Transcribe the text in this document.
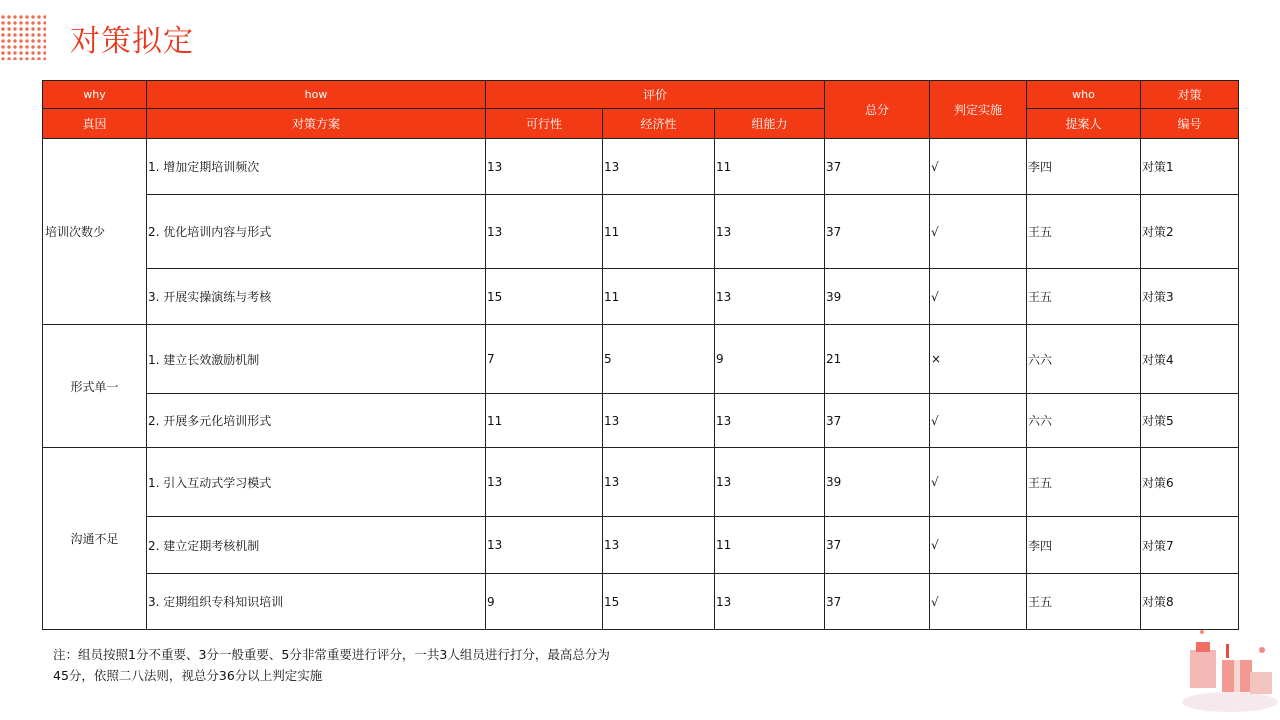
对策拟定
why	how	评价			总分	判定实施	who	对策
真因	对策方案	可行性	经济性	组能力			提案人	编号
培训次数少	1. 增加定期培训频次	13	13	11	37	√	李四	对策1
	2. 优化培训内容与形式	13	11	13	37	√	王五	对策2
	3. 开展实操演练与考核	15	11	13	39	√	王五	对策3
形式单一	1. 建立长效激励机制	7	5	9	21	×	六六	对策4
	2. 开展多元化培训形式	11	13	13	37	√	六六	对策5
沟通不足	1. 引入互动式学习模式	13	13	13	39	√	王五	对策6
	2. 建立定期考核机制	13	13	11	37	√	李四	对策7
	3. 定期组织专科知识培训	9	15	13	37	√	王五	对策8
注：组员按照1分不重要、3分一般重要、5分非常重要进行评分，一共3人组员进行打分，最高总分为
45分，依照二八法则，视总分36分以上判定实施
